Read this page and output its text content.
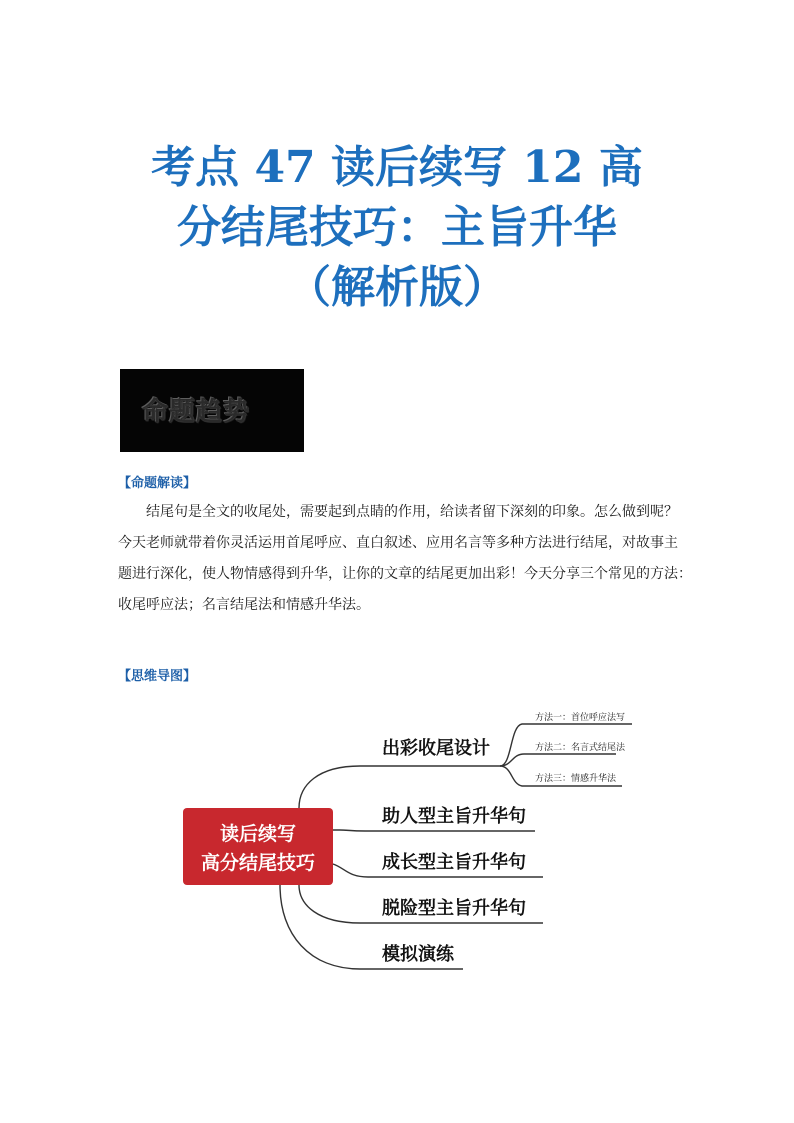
考点 47 读后续写 12 高
分结尾技巧：主旨升华
（解析版）
命题趋势
【命题解读】
　　结尾句是全文的收尾处，需要起到点睛的作用，给读者留下深刻的印象。怎么做到呢？
今天老师就带着你灵活运用首尾呼应、直白叙述、应用名言等多种方法进行结尾，对故事主
题进行深化，使人物情感得到升华，让你的文章的结尾更加出彩！今天分享三个常见的方法：
收尾呼应法；名言结尾法和情感升华法。
【思维导图】
读后续写
高分结尾技巧
出彩收尾设计
助人型主旨升华句
成长型主旨升华句
脱险型主旨升华句
模拟演练
方法一：首位呼应法写
方法二：名言式结尾法
方法三：情感升华法
